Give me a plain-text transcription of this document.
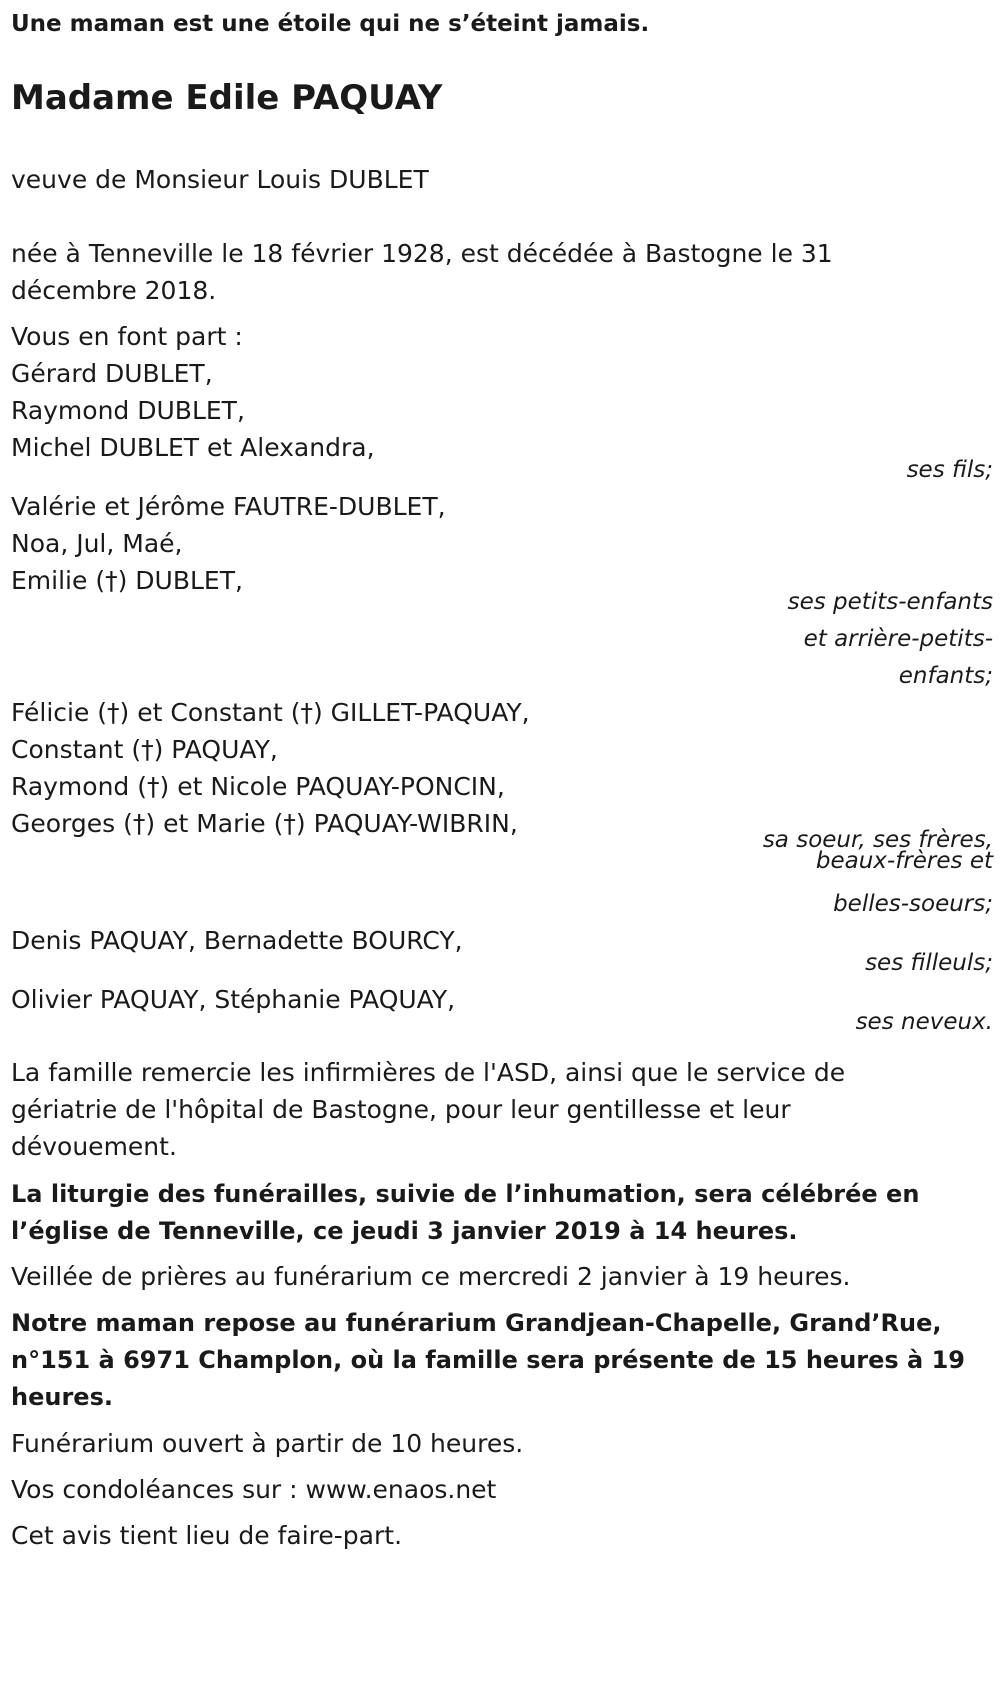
Une maman est une étoile qui ne s’éteint jamais.
Madame Edile PAQUAY
veuve de Monsieur Louis DUBLET
née à Tenneville le 18 février 1928, est décédée à Bastogne le 31
décembre 2018.
Vous en font part :
Gérard DUBLET,
Raymond DUBLET,
Michel DUBLET et Alexandra,
ses fils;
Valérie et Jérôme FAUTRE-DUBLET,
Noa, Jul, Maé,
Emilie (†) DUBLET,
ses petits-enfants
et arrière-petits-
enfants;
Félicie (†) et Constant (†) GILLET-PAQUAY,
Constant (†) PAQUAY,
Raymond (†) et Nicole PAQUAY-PONCIN,
Georges (†) et Marie (†) PAQUAY-WIBRIN,
sa soeur, ses frères,
beaux-frères et
belles-soeurs;
Denis PAQUAY, Bernadette BOURCY,
ses filleuls;
Olivier PAQUAY, Stéphanie PAQUAY,
ses neveux.
La famille remercie les infirmières de l'ASD, ainsi que le service de
gériatrie de l'hôpital de Bastogne, pour leur gentillesse et leur
dévouement.
La liturgie des funérailles, suivie de l’inhumation, sera célébrée en
l’église de Tenneville, ce jeudi 3 janvier 2019 à 14 heures.
Veillée de prières au funérarium ce mercredi 2 janvier à 19 heures.
Notre maman repose au funérarium Grandjean-Chapelle, Grand’Rue,
n°151 à 6971 Champlon, où la famille sera présente de 15 heures à 19
heures.
Funérarium ouvert à partir de 10 heures.
Vos condoléances sur : www.enaos.net
Cet avis tient lieu de faire-part.
